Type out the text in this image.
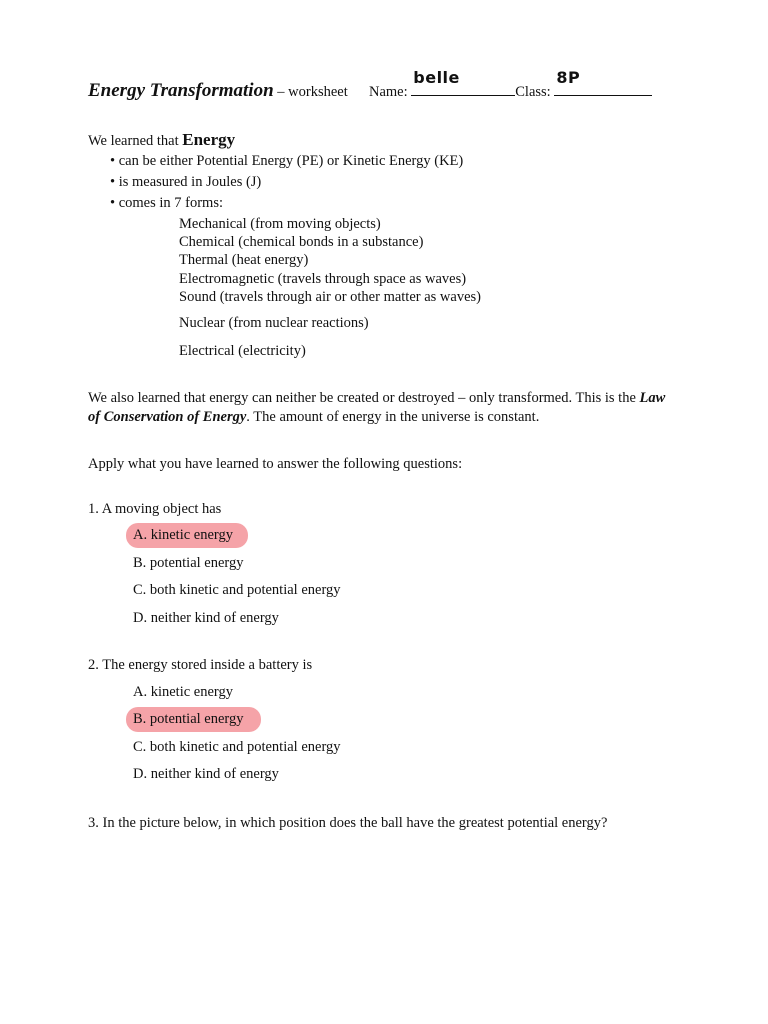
Energy Transformation – worksheet Name:
belle
Class:
8P
We learned that Energy
• can be either Potential Energy (PE) or Kinetic Energy (KE)
• is measured in Joules (J)
• comes in 7 forms:
Mechanical (from moving objects)
Chemical (chemical bonds in a substance)
Thermal (heat energy)
Electromagnetic (travels through space as waves)
Sound (travels through air or other matter as waves)
Nuclear (from nuclear reactions)
Electrical (electricity)
We also learned that energy can neither be created or destroyed – only transformed. This is the Law
of Conservation of Energy. The amount of energy in the universe is constant.
Apply what you have learned to answer the following questions:
1. A moving object has
A. kinetic energy
B. potential energy
C. both kinetic and potential energy
D. neither kind of energy
2. The energy stored inside a battery is
A. kinetic energy
B. potential energy
C. both kinetic and potential energy
D. neither kind of energy
3. In the picture below, in which position does the ball have the greatest potential energy?
